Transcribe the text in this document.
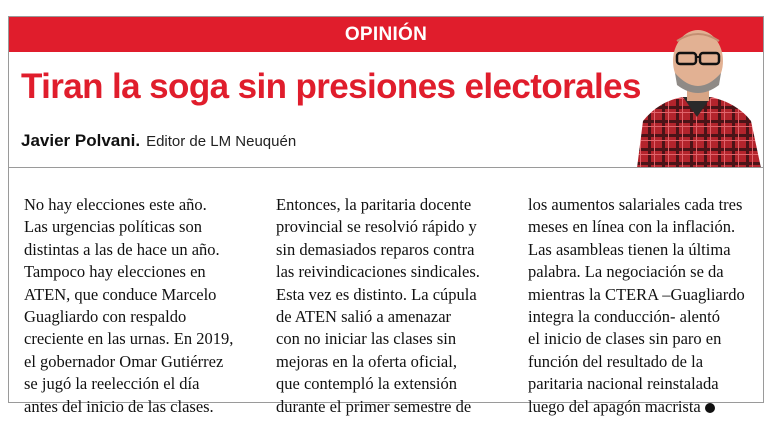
OPINIÓN
Tiran la soga sin presiones electorales
Javier Polvani. Editor de LM Neuquén
No hay elecciones este año.
Las urgencias políticas son
distintas a las de hace un año.
Tampoco hay elecciones en
ATEN, que conduce Marcelo
Guagliardo con respaldo
creciente en las urnas. En 2019,
el gobernador Omar Gutiérrez
se jugó la reelección el día
antes del inicio de las clases.
Entonces, la paritaria docente
provincial se resolvió rápido y
sin demasiados reparos contra
las reivindicaciones sindicales.
Esta vez es distinto. La cúpula
de ATEN salió a amenazar
con no iniciar las clases sin
mejoras en la oferta oficial,
que contempló la extensión
durante el primer semestre de
los aumentos salariales cada tres
meses en línea con la inflación.
Las asambleas tienen la última
palabra. La negociación se da
mientras la CTERA –Guagliardo
integra la conducción- alentó
el inicio de clases sin paro en
función del resultado de la
paritaria nacional reinstalada
luego del apagón macrista
